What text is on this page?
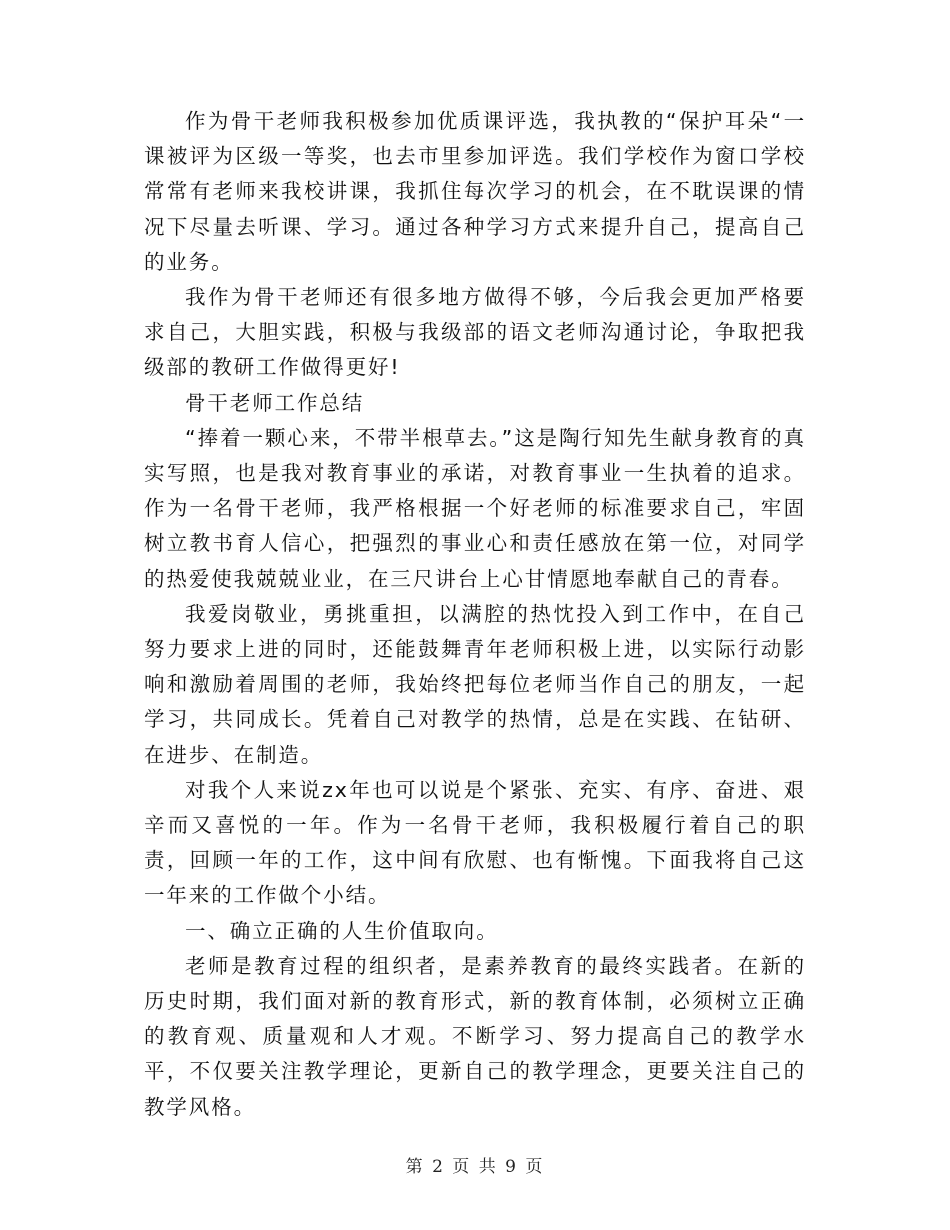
作为骨干老师我积极参加优质课评选，我执教的“保护耳朵“一课被评为区级一等奖，也去市里参加评选。我们学校作为窗口学校常常有老师来我校讲课，我抓住每次学习的机会，在不耽误课的情况下尽量去听课、学习。通过各种学习方式来提升自己，提高自己的业务。

我作为骨干老师还有很多地方做得不够，今后我会更加严格要求自己，大胆实践，积极与我级部的语文老师沟通讨论，争取把我级部的教研工作做得更好!

骨干老师工作总结

“捧着一颗心来，不带半根草去。”这是陶行知先生献身教育的真实写照，也是我对教育事业的承诺，对教育事业一生执着的追求。作为一名骨干老师，我严格根据一个好老师的标准要求自己，牢固树立教书育人信心，把强烈的事业心和责任感放在第一位，对同学的热爱使我兢兢业业，在三尺讲台上心甘情愿地奉献自己的青春。

我爱岗敬业，勇挑重担，以满腔的热忱投入到工作中，在自己努力要求上进的同时，还能鼓舞青年老师积极上进，以实际行动影响和激励着周围的老师，我始终把每位老师当作自己的朋友，一起学习，共同成长。凭着自己对教学的热情，总是在实践、在钻研、在进步、在制造。

对我个人来说zx年也可以说是个紧张、充实、有序、奋进、艰辛而又喜悦的一年。作为一名骨干老师，我积极履行着自己的职责，回顾一年的工作，这中间有欣慰、也有惭愧。下面我将自己这一年来的工作做个小结。

一、确立正确的人生价值取向。

老师是教育过程的组织者，是素养教育的最终实践者。在新的历史时期，我们面对新的教育形式，新的教育体制，必须树立正确的教育观、质量观和人才观。不断学习、努力提高自己的教学水平，不仅要关注教学理论，更新自己的教学理念，更要关注自己的教学风格。

第 2 页 共 9 页
